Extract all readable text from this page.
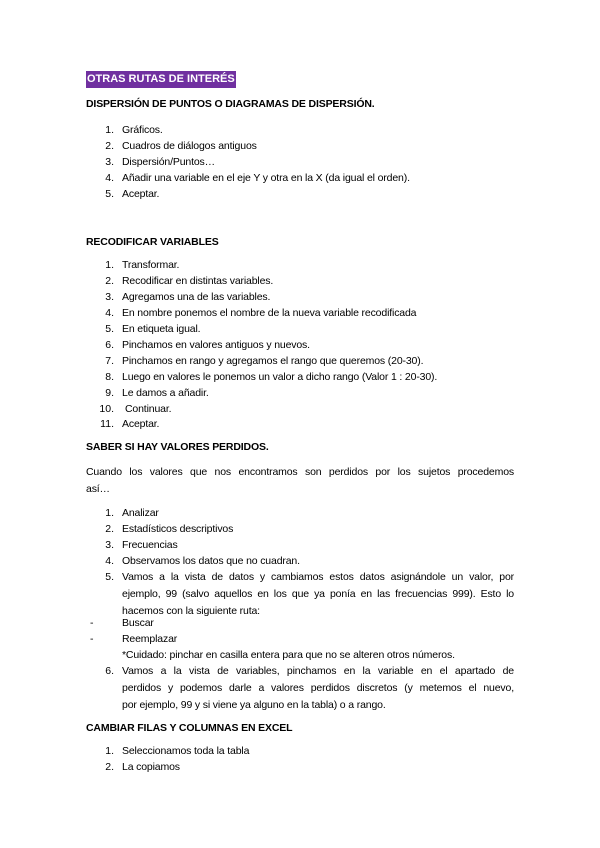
OTRAS RUTAS DE INTERÉS
DISPERSIÓN DE PUNTOS O DIAGRAMAS DE DISPERSIÓN.
1. Gráficos.
2. Cuadros de diálogos antiguos
3. Dispersión/Puntos…
4. Añadir una variable en el eje Y y otra en la X (da igual el orden).
5. Aceptar.
RECODIFICAR VARIABLES
1. Transformar.
2. Recodificar en distintas variables.
3. Agregamos una de las variables.
4. En nombre ponemos el nombre de la nueva variable recodificada
5. En etiqueta igual.
6. Pinchamos en valores antiguos y nuevos.
7. Pinchamos en rango y agregamos el rango que queremos (20-30).
8. Luego en valores le ponemos un valor a dicho rango (Valor 1 : 20-30).
9. Le damos a añadir.
10. Continuar.
11. Aceptar.
SABER SI HAY VALORES PERDIDOS.
Cuando los valores que nos encontramos son perdidos por los sujetos procedemos
así…
1. Analizar
2. Estadísticos descriptivos
3. Frecuencias
4. Observamos los datos que no cuadran.
5. Vamos a la vista de datos y cambiamos estos datos asignándole un valor, por
ejemplo, 99 (salvo aquellos en los que ya ponía en las frecuencias 999). Esto lo
hacemos con la siguiente ruta:
-	Buscar
-	Reemplazar
*Cuidado: pinchar en casilla entera para que no se alteren otros números.
6. Vamos a la vista de variables, pinchamos en la variable en el apartado de
perdidos y podemos darle a valores perdidos discretos (y metemos el nuevo,
por ejemplo, 99 y si viene ya alguno en la tabla) o a rango.
CAMBIAR FILAS Y COLUMNAS EN EXCEL
1. Seleccionamos toda la tabla
2. La copiamos
